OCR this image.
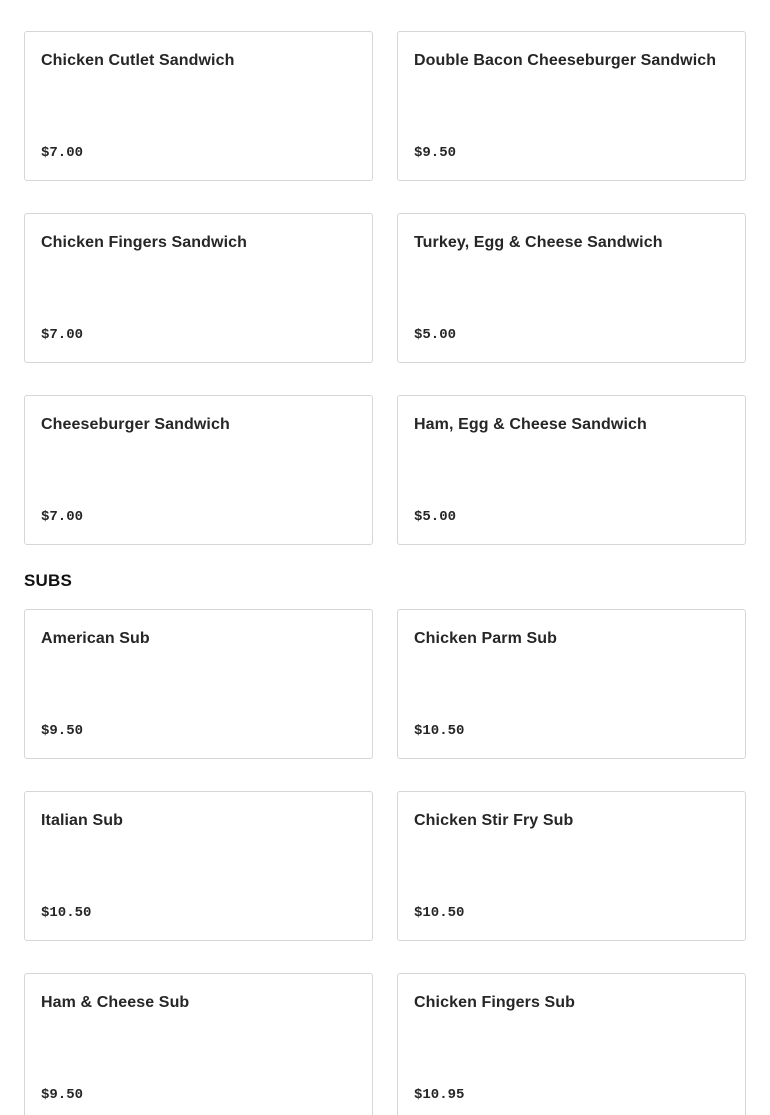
Chicken Cutlet Sandwich
$7.00
Double Bacon Cheeseburger Sandwich
$9.50
Chicken Fingers Sandwich
$7.00
Turkey, Egg & Cheese Sandwich
$5.00
Cheeseburger Sandwich
$7.00
Ham, Egg & Cheese Sandwich
$5.00
SUBS
American Sub
$9.50
Chicken Parm Sub
$10.50
Italian Sub
$10.50
Chicken Stir Fry Sub
$10.50
Ham & Cheese Sub
$9.50
Chicken Fingers Sub
$10.95
